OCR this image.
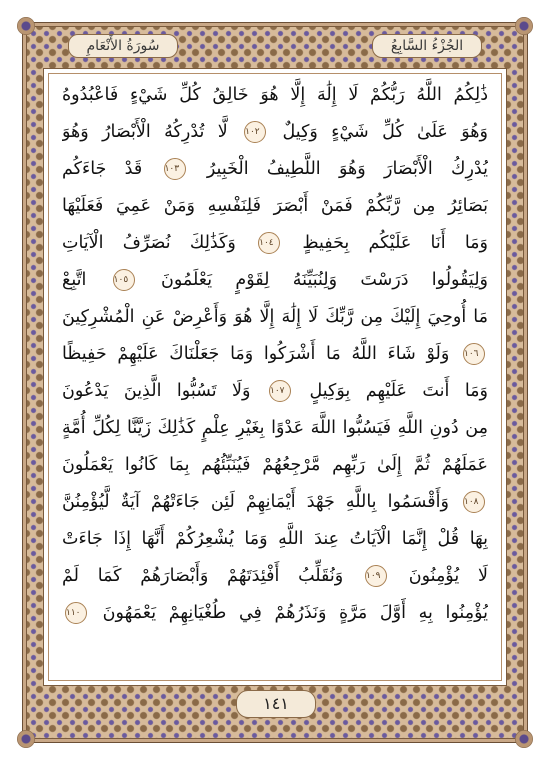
سُورَةُ الأَنْعَامِ	الجُزْءُ السَّابِعُ
ذَٰلِكُمُ اللَّهُ رَبُّكُمْ لَا إِلَٰهَ إِلَّا هُوَ خَالِقُ كُلِّ شَيْءٍ فَاعْبُدُوهُ
وَهُوَ عَلَىٰ كُلِّ شَيْءٍ وَكِيلٌ ١٠٢ لَّا تُدْرِكُهُ الْأَبْصَارُ وَهُوَ
يُدْرِكُ الْأَبْصَارَ وَهُوَ اللَّطِيفُ الْخَبِيرُ ١٠٣ قَدْ جَاءَكُم
بَصَائِرُ مِن رَّبِّكُمْ فَمَنْ أَبْصَرَ فَلِنَفْسِهِ وَمَنْ عَمِيَ فَعَلَيْهَا
وَمَا أَنَا عَلَيْكُم بِحَفِيظٍ ١٠٤ وَكَذَٰلِكَ نُصَرِّفُ الْآيَاتِ
وَلِيَقُولُوا دَرَسْتَ وَلِنُبَيِّنَهُ لِقَوْمٍ يَعْلَمُونَ ١٠٥ اتَّبِعْ
مَا أُوحِيَ إِلَيْكَ مِن رَّبِّكَ لَا إِلَٰهَ إِلَّا هُوَ وَأَعْرِضْ عَنِ الْمُشْرِكِينَ
١٠٦ وَلَوْ شَاءَ اللَّهُ مَا أَشْرَكُوا وَمَا جَعَلْنَاكَ عَلَيْهِمْ حَفِيظًا
وَمَا أَنتَ عَلَيْهِم بِوَكِيلٍ ١٠٧ وَلَا تَسُبُّوا الَّذِينَ يَدْعُونَ
مِن دُونِ اللَّهِ فَيَسُبُّوا اللَّهَ عَدْوًا بِغَيْرِ عِلْمٍ كَذَٰلِكَ زَيَّنَّا لِكُلِّ أُمَّةٍ
عَمَلَهُمْ ثُمَّ إِلَىٰ رَبِّهِم مَّرْجِعُهُمْ فَيُنَبِّئُهُم بِمَا كَانُوا يَعْمَلُونَ
١٠٨ وَأَقْسَمُوا بِاللَّهِ جَهْدَ أَيْمَانِهِمْ لَئِن جَاءَتْهُمْ آيَةٌ لَّيُؤْمِنُنَّ
بِهَا قُلْ إِنَّمَا الْآيَاتُ عِندَ اللَّهِ وَمَا يُشْعِرُكُمْ أَنَّهَا إِذَا جَاءَتْ
لَا يُؤْمِنُونَ ١٠٩ وَنُقَلِّبُ أَفْئِدَتَهُمْ وَأَبْصَارَهُمْ كَمَا لَمْ
يُؤْمِنُوا بِهِ أَوَّلَ مَرَّةٍ وَنَذَرُهُمْ فِي طُغْيَانِهِمْ يَعْمَهُونَ ١١٠
١٤١
